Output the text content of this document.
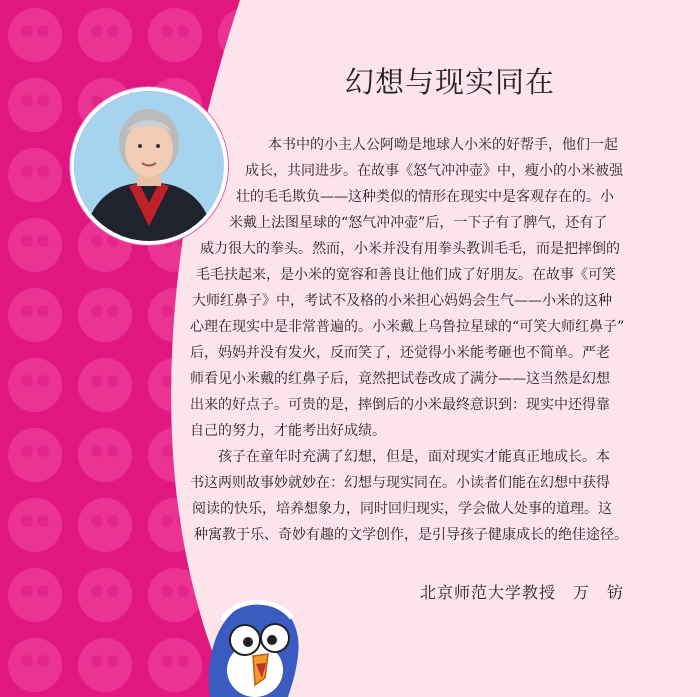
幻想与现实同在
本书中的小主人公阿呦是地球人小米的好帮手，他们一起
成长，共同进步。在故事《怒气冲冲壶》中，瘦小的小米被强
壮的毛毛欺负——这种类似的情形在现实中是客观存在的。小
米戴上法图星球的“怒气冲冲壶”后，一下子有了脾气，还有了
威力很大的拳头。然而，小米并没有用拳头教训毛毛，而是把摔倒的
毛毛扶起来，是小米的宽容和善良让他们成了好朋友。在故事《可笑
大师红鼻子》中，考试不及格的小米担心妈妈会生气——小米的这种
心理在现实中是非常普遍的。小米戴上乌鲁拉星球的“可笑大师红鼻子”
后，妈妈并没有发火，反而笑了，还觉得小米能考砸也不简单。严老
师看见小米戴的红鼻子后，竟然把试卷改成了满分——这当然是幻想
出来的好点子。可贵的是，摔倒后的小米最终意识到：现实中还得靠
自己的努力，才能考出好成绩。
孩子在童年时充满了幻想，但是，面对现实才能真正地成长。本
书这两则故事妙就妙在：幻想与现实同在。小读者们能在幻想中获得
阅读的快乐，培养想象力，同时回归现实，学会做人处事的道理。这
种寓教于乐、奇妙有趣的文学创作，是引导孩子健康成长的绝佳途径。
北京师范大学教授　万　钫
